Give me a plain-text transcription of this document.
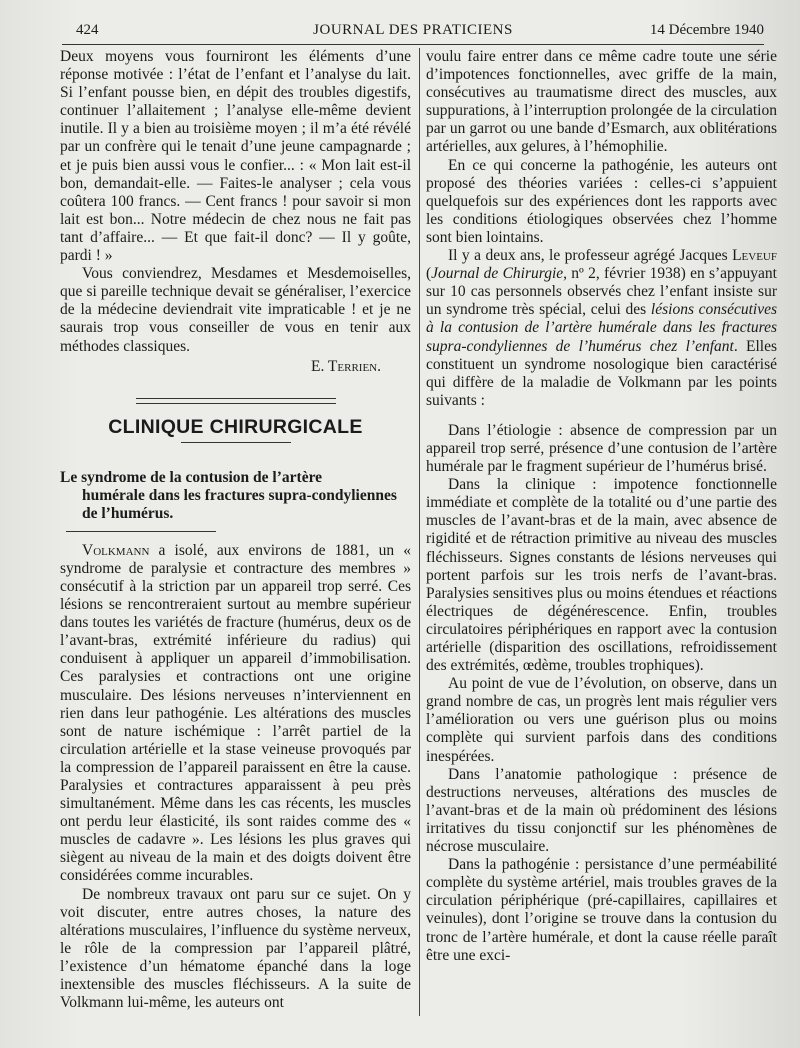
424	JOURNAL DES PRATICIENS	14 Décembre 1940

Deux moyens vous fourniront les éléments d’une réponse motivée : l’état de l’enfant et l’analyse du lait. Si l’enfant pousse bien, en dépit des troubles digestifs, continuer l’allaitement ; l’analyse elle-même devient inutile. Il y a bien au troisième moyen ; il m’a été révélé par un confrère qui le tenait d’une jeune campagnarde ; et je puis bien aussi vous le confier... : « Mon lait est-il bon, demandait-elle. — Faites-le analyser ; cela vous coûtera 100 francs. — Cent francs ! pour savoir si mon lait est bon... Notre médecin de chez nous ne fait pas tant d’affaire... — Et que fait-il donc? — Il y goûte, pardi ! »

Vous conviendrez, Mesdames et Mesdemoiselles, que si pareille technique devait se généraliser, l’exercice de la médecine deviendrait vite impraticable ! et je ne saurais trop vous conseiller de vous en tenir aux méthodes classiques.

E. Terrien.
CLINIQUE CHIRURGICALE
Le syndrome de la contusion de l’artère
humérale dans les fractures supra-condyliennes de l’humérus.

Volkmann a isolé, aux environs de 1881, un « syndrome de paralysie et contracture des membres » consécutif à la striction par un appareil trop serré. Ces lésions se rencontreraient surtout au membre supérieur dans toutes les variétés de fracture (humérus, deux os de l’avant-bras, extrémité inférieure du radius) qui conduisent à appliquer un appareil d’immobilisation. Ces paralysies et contractions ont une origine musculaire. Des lésions nerveuses n’interviennent en rien dans leur pathogénie. Les altérations des muscles sont de nature ischémique : l’arrêt partiel de la circulation artérielle et la stase veineuse provoqués par la compression de l’appareil paraissent en être la cause. Paralysies et contractures apparaissent à peu près simultanément. Même dans les cas récents, les muscles ont perdu leur élasticité, ils sont raides comme des « muscles de cadavre ». Les lésions les plus graves qui siègent au niveau de la main et des doigts doivent être considérées comme incurables.

De nombreux travaux ont paru sur ce sujet. On y voit discuter, entre autres choses, la nature des altérations musculaires, l’influence du système nerveux, le rôle de la compression par l’appareil plâtré, l’existence d’un hématome épanché dans la loge inextensible des muscles fléchisseurs. A la suite de Volkmann lui-même, les auteurs ont

voulu faire entrer dans ce même cadre toute une série d’impotences fonctionnelles, avec griffe de la main, consécutives au traumatisme direct des muscles, aux suppurations, à l’interruption prolongée de la circulation par un garrot ou une bande d’Esmarch, aux oblitérations artérielles, aux gelures, à l’hémophilie.

En ce qui concerne la pathogénie, les auteurs ont proposé des théories variées : celles-ci s’appuient quelquefois sur des expériences dont les rapports avec les conditions étiologiques observées chez l’homme sont bien lointains.

Il y a deux ans, le professeur agrégé Jacques Leveuf (Journal de Chirurgie, nº 2, février 1938) en s’appuyant sur 10 cas personnels observés chez l’enfant insiste sur un syndrome très spécial, celui des lésions consécutives à la contusion de l’artère humérale dans les fractures supra-condyliennes de l’humérus chez l’enfant. Elles constituent un syndrome nosologique bien caractérisé qui diffère de la maladie de Volkmann par les points suivants :

Dans l’étiologie : absence de compression par un appareil trop serré, présence d’une contusion de l’artère humérale par le fragment supérieur de l’humérus brisé.

Dans la clinique : impotence fonctionnelle immédiate et complète de la totalité ou d’une partie des muscles de l’avant-bras et de la main, avec absence de rigidité et de rétraction primitive au niveau des muscles fléchisseurs. Signes constants de lésions nerveuses qui portent parfois sur les trois nerfs de l’avant-bras. Paralysies sensitives plus ou moins étendues et réactions électriques de dégénérescence. Enfin, troubles circulatoires périphériques en rapport avec la contusion artérielle (disparition des oscillations, refroidissement des extrémités, œdème, troubles trophiques).

Au point de vue de l’évolution, on observe, dans un grand nombre de cas, un progrès lent mais régulier vers l’amélioration ou vers une guérison plus ou moins complète qui survient parfois dans des conditions inespérées.

Dans l’anatomie pathologique : présence de destructions nerveuses, altérations des muscles de l’avant-bras et de la main où prédominent des lésions irritatives du tissu conjonctif sur les phénomènes de nécrose musculaire.

Dans la pathogénie : persistance d’une perméabilité complète du système artériel, mais troubles graves de la circulation périphérique (pré-capillaires, capillaires et veinules), dont l’origine se trouve dans la contusion du tronc de l’artère humérale, et dont la cause réelle paraît être une exci-
